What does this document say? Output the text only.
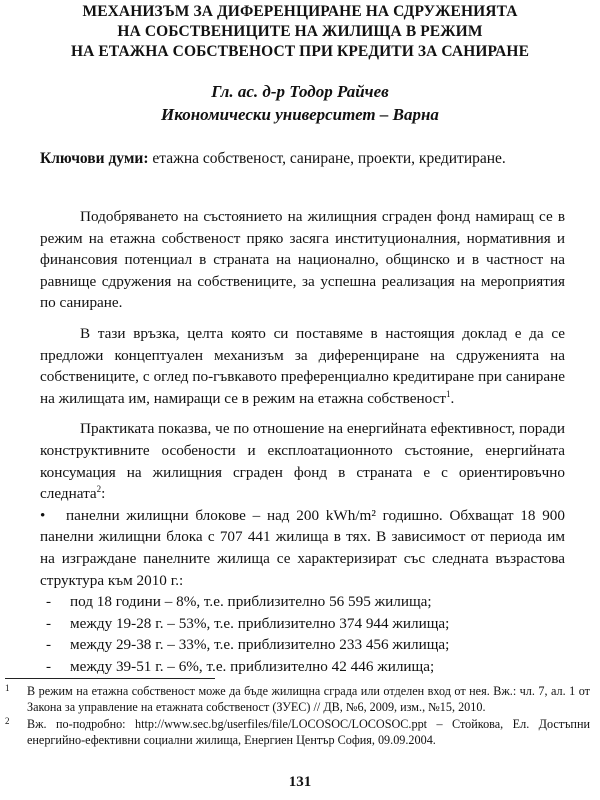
МЕХАНИЗЪМ ЗА ДИФЕРЕНЦИРАНЕ НА СДРУЖЕНИЯТА
НА СОБСТВЕНИЦИТЕ НА ЖИЛИЩА В РЕЖИМ
НА ЕТАЖНА СОБСТВЕНОСТ ПРИ КРЕДИТИ ЗА САНИРАНЕ
Гл. ас. д-р Тодор Райчев
Икономически университет – Варна
Ключови думи: етажна собственост, саниране, проекти, кредитиране.

Подобряването на състоянието на жилищния сграден фонд намиращ се в режим на етажна собственост пряко засяга институционалния, нормативния и финансовия потенциал в страната на национално, общинско и в частност на равнище сдружения на собствениците, за успешна реализация на мероприятия по саниране.

В тази връзка, целта която си поставяме в настоящия доклад е да се предложи концептуален механизъм за диференциране на сдруженията на собствениците, с оглед по-гъвкавото преференциално кредитиране при саниране на жилищата им, намиращи се в режим на етажна собственост$^1$.

Практиката показва, че по отношение на енергийната ефективност, поради конструктивните особености и експлоатационното състояние, енергийната консумация на жилищния сграден фонд в страната е с ориентировъчно следната$^2$:

• панелни жилищни блокове – над 200 kWh/m² годишно. Обхващат 18 900 панелни жилищни блока с 707 441 жилища в тях. В зависимост от периода им на изграждане панелните жилища се характеризират със следната възрастова структура към 2010 г.:

- под 18 години – 8%, т.е. приблизително 56 595 жилища;

- между 19-28 г. – 53%, т.е. приблизително 374 944 жилища;

- между 29-38 г. – 33%, т.е. приблизително 233 456 жилища;

- между 39-51 г. – 6%, т.е. приблизително 42 446 жилища;

1 В режим на етажна собственост може да бъде жилищна сграда или отделен вход от нея. Вж.: чл. 7, ал. 1 от Закона за управление на етажната собственост (ЗУЕС) // ДВ, №6, 2009, изм., №15, 2010.
2 Вж. по-подробно: http://www.sec.bg/userfiles/file/LOCOSOC/LOCOSOC.ppt – Стойкова, Ел. Достъпни енергийно-ефективни социални жилища, Енергиен Център София, 09.09.2004.
131
